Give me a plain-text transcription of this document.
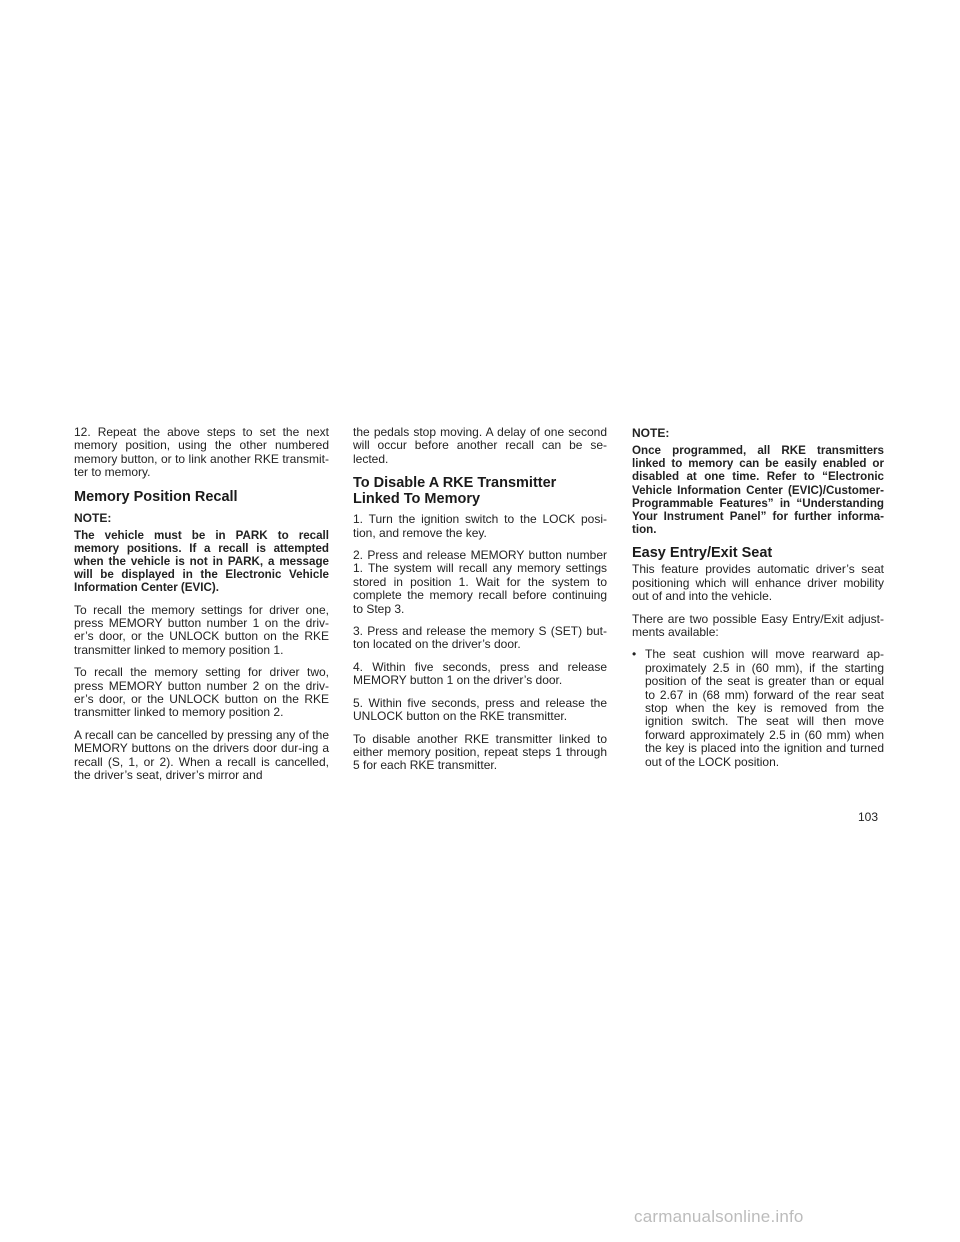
12. Repeat the above steps to set the next memory position, using the other numbered memory button, or to link another RKE transmit-ter to memory.

Memory Position Recall
NOTE:
The vehicle must be in PARK to recall memory positions. If a recall is attempted when the vehicle is not in PARK, a message will be displayed in the Electronic Vehicle Information Center (EVIC).

To recall the memory settings for driver one, press MEMORY button number 1 on the driv-er’s door, or the UNLOCK button on the RKE transmitter linked to memory position 1.

To recall the memory setting for driver two, press MEMORY button number 2 on the driv-er’s door, or the UNLOCK button on the RKE transmitter linked to memory position 2.

A recall can be cancelled by pressing any of the MEMORY buttons on the drivers door dur-ing a recall (S, 1, or 2). When a recall is cancelled, the driver’s seat, driver’s mirror and

the pedals stop moving. A delay of one second will occur before another recall can be se-lected.

To Disable A RKE Transmitter
Linked To Memory

1. Turn the ignition switch to the LOCK posi-tion, and remove the key.

2. Press and release MEMORY button number 1. The system will recall any memory settings stored in position 1. Wait for the system to complete the memory recall before continuing to Step 3.

3. Press and release the memory S (SET) but-ton located on the driver’s door.

4. Within five seconds, press and release MEMORY button 1 on the driver’s door.

5. Within five seconds, press and release the UNLOCK button on the RKE transmitter.

To disable another RKE transmitter linked to either memory position, repeat steps 1 through 5 for each RKE transmitter.

NOTE:
Once programmed, all RKE transmitters linked to memory can be easily enabled or disabled at one time. Refer to “Electronic Vehicle Information Center (EVIC)/Customer-Programmable Features” in “Understanding Your Instrument Panel” for further informa-tion.
Easy Entry/Exit Seat

This feature provides automatic driver’s seat positioning which will enhance driver mobility out of and into the vehicle.

There are two possible Easy Entry/Exit adjust-ments available:

• The seat cushion will move rearward ap-proximately 2.5 in (60 mm), if the starting position of the seat is greater than or equal to 2.67 in (68 mm) forward of the rear seat stop when the key is removed from the ignition switch. The seat will then move forward approximately 2.5 in (60 mm) when the key is placed into the ignition and turned out of the LOCK position.

103
carmanualsonline.info
